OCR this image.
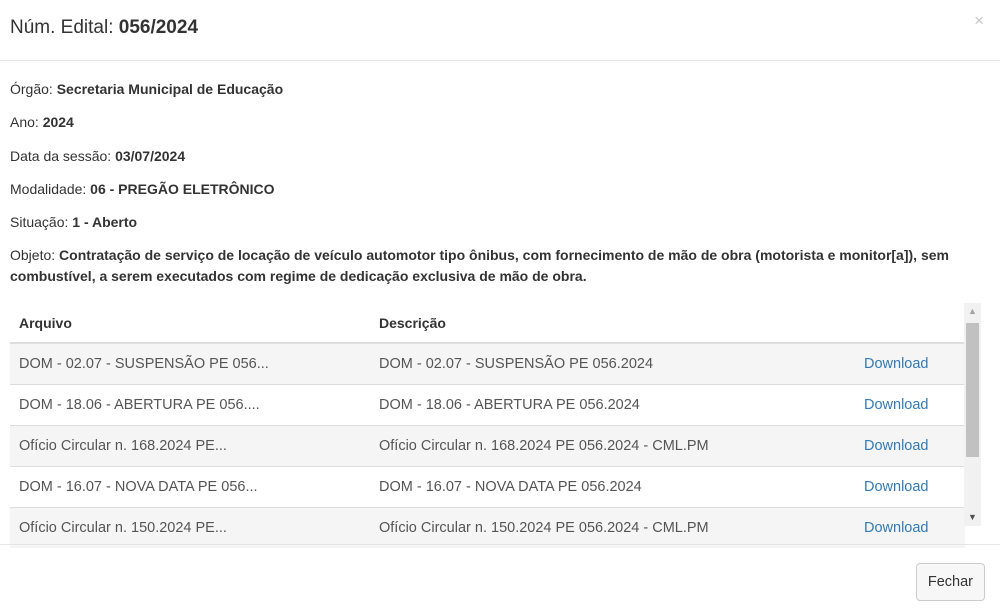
Núm. Edital: 056/2024	×
Órgão: Secretaria Municipal de Educação
Ano: 2024
Data da sessão: 03/07/2024
Modalidade: 06 - PREGÃO ELETRÔNICO
Situação: 1 - Aberto
Objeto: Contratação de serviço de locação de veículo automotor tipo ônibus, com fornecimento de mão de obra (motorista e monitor[a]), sem combustível, a serem executados com regime de dedicação exclusiva de mão de obra.
Arquivo	Descrição	
DOM - 02.07 - SUSPENSÃO PE 056...	DOM - 02.07 - SUSPENSÃO PE 056.2024	Download
DOM - 18.06 - ABERTURA PE 056....	DOM - 18.06 - ABERTURA PE 056.2024	Download
Ofício Circular n. 168.2024 PE...	Ofício Circular n. 168.2024 PE 056.2024 - CML.PM	Download
DOM - 16.07 - NOVA DATA PE 056...	DOM - 16.07 - NOVA DATA PE 056.2024	Download
Ofício Circular n. 150.2024 PE...	Ofício Circular n. 150.2024 PE 056.2024 - CML.PM	Download
▲
▼
Fechar
